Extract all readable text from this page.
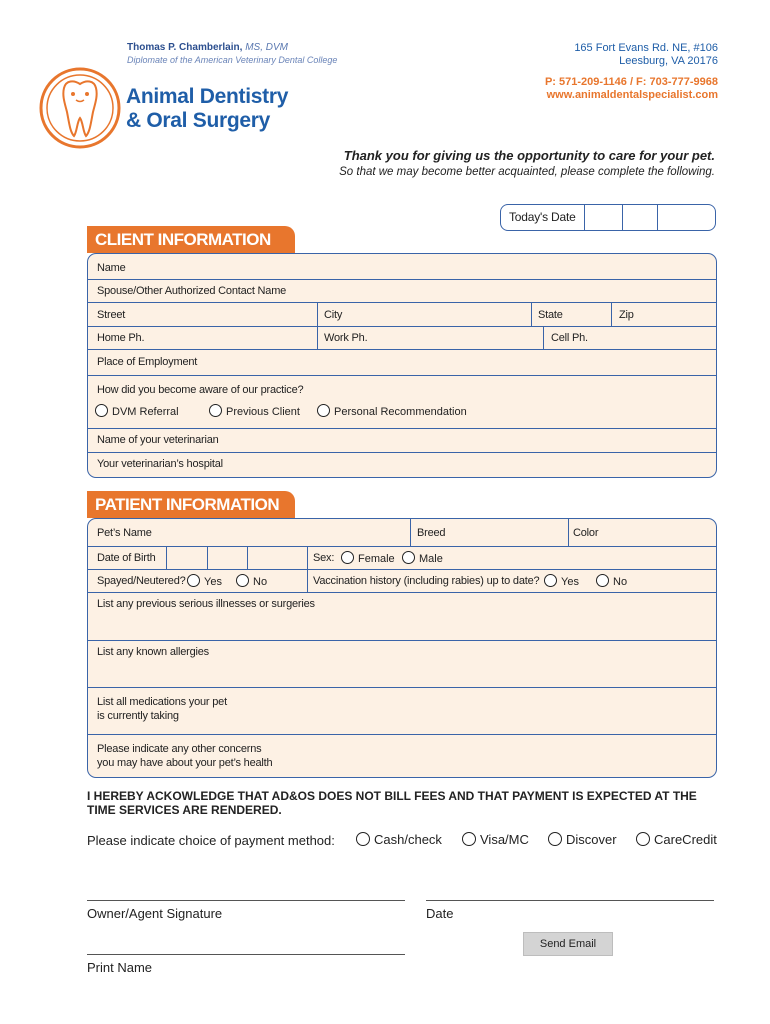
Thomas P. Chamberlain, MS, DVM
Diplomate of the American Veterinary Dental College
Animal Dentistry
& Oral Surgery
165 Fort Evans Rd. NE, #106
Leesburg, VA 20176
P: 571-209-1146 / F: 703-777-9968
www.animaldentalspecialist.com
Thank you for giving us the opportunity to care for your pet.
So that we may become better acquainted, please complete the following.
Today's Date
CLIENT INFORMATION
Name
Spouse/Other Authorized Contact Name
Street	City	State	Zip
Home Ph.	Work Ph.	Cell Ph.
Place of Employment
How did you become aware of our practice?
DVM Referral	Previous Client	Personal Recommendation
Name of your veterinarian
Your veterinarian’s hospital
PATIENT INFORMATION
Pet’s Name	Breed	Color
Date of Birth	Sex:	Female	Male
Spayed/Neutered?	Yes	No	Vaccination history (including rabies) up to date?	Yes	No
List any previous serious illnesses or surgeries
List any known allergies
List all medications your pet
is currently taking
Please indicate any other concerns
you may have about your pet’s health
I HEREBY ACKOWLEDGE THAT AD&OS DOES NOT BILL FEES AND THAT PAYMENT IS EXPECTED AT THE TIME SERVICES ARE RENDERED.
Please indicate choice of payment method:	Cash/check	Visa/MC	Discover	CareCredit
Owner/Agent Signature	Date
Print Name
Send Email
